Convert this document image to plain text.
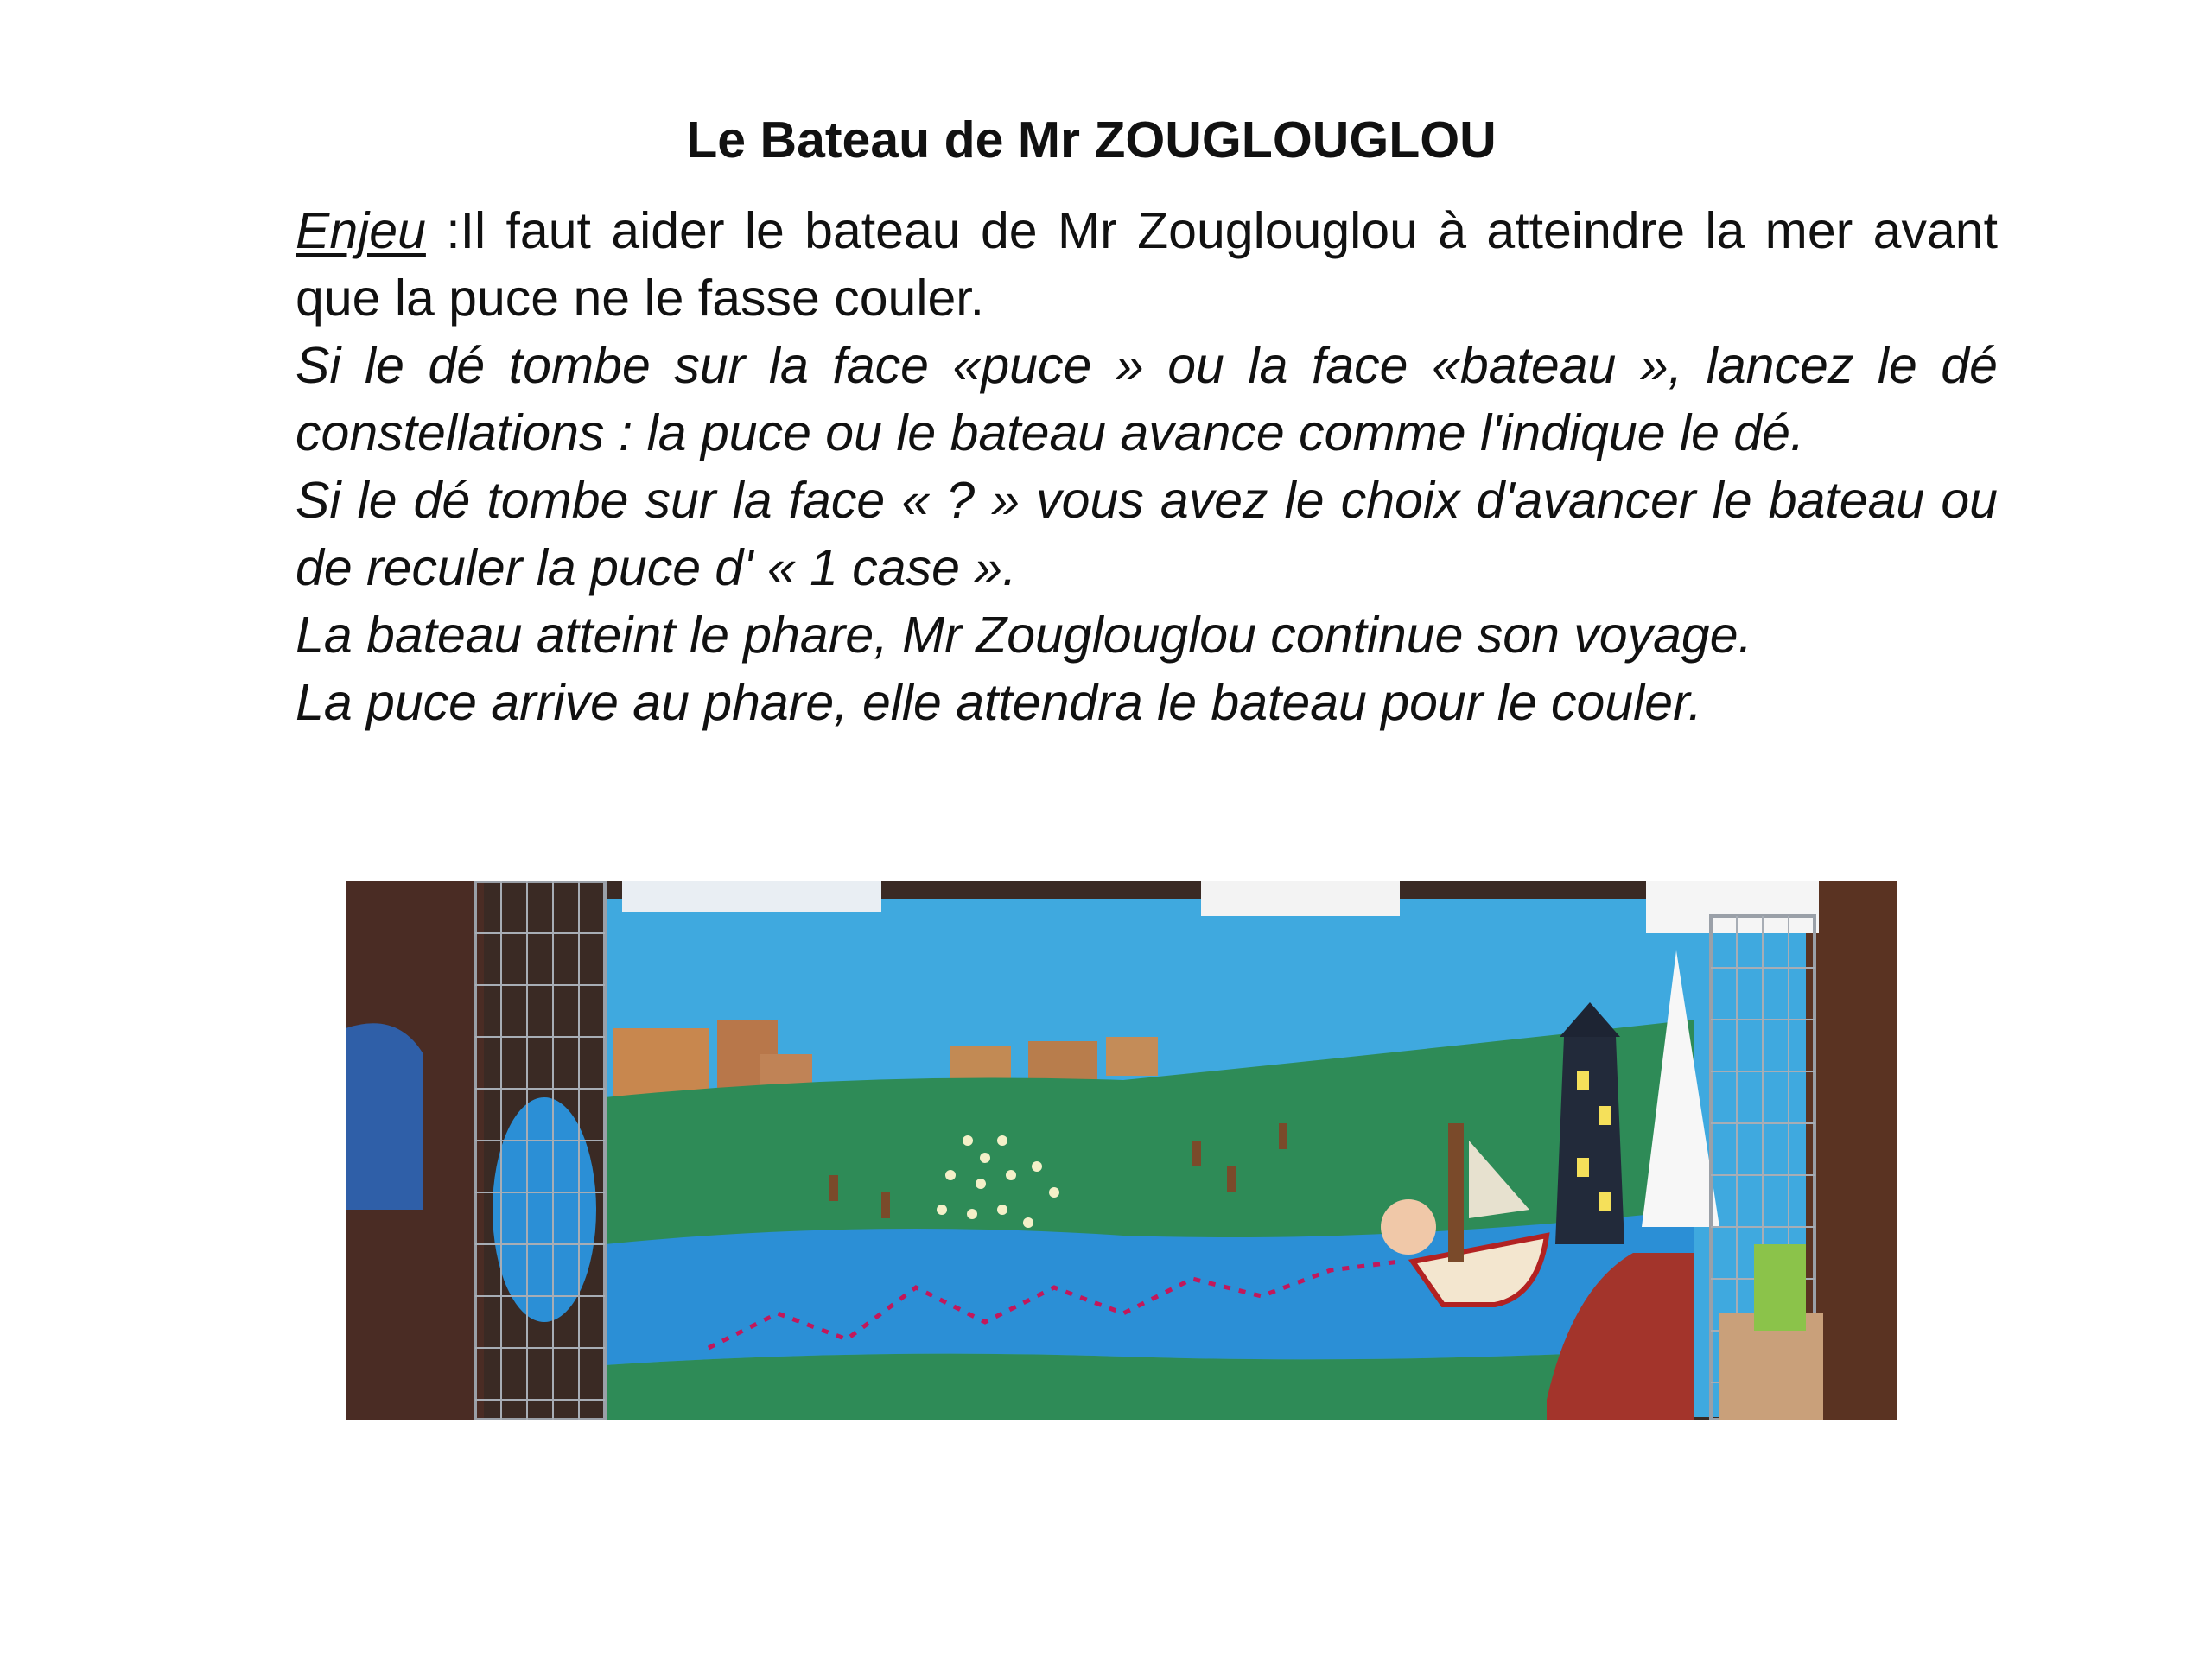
Le Bateau de Mr ZOUGLOUGLOU

Enjeu :Il faut aider le bateau de Mr Zouglouglou à atteindre la mer avant que la puce ne le fasse couler.

Si le dé tombe sur la face «puce » ou la face «bateau », lancez le dé constellations : la puce ou le bateau avance comme l'indique le dé.

Si le dé tombe sur la face « ? » vous avez le choix d'avancer le bateau ou de reculer la puce d' « 1 case ».

La bateau atteint le phare, Mr Zouglouglou continue son voyage.

La puce arrive au phare, elle attendra le bateau pour le couler.
